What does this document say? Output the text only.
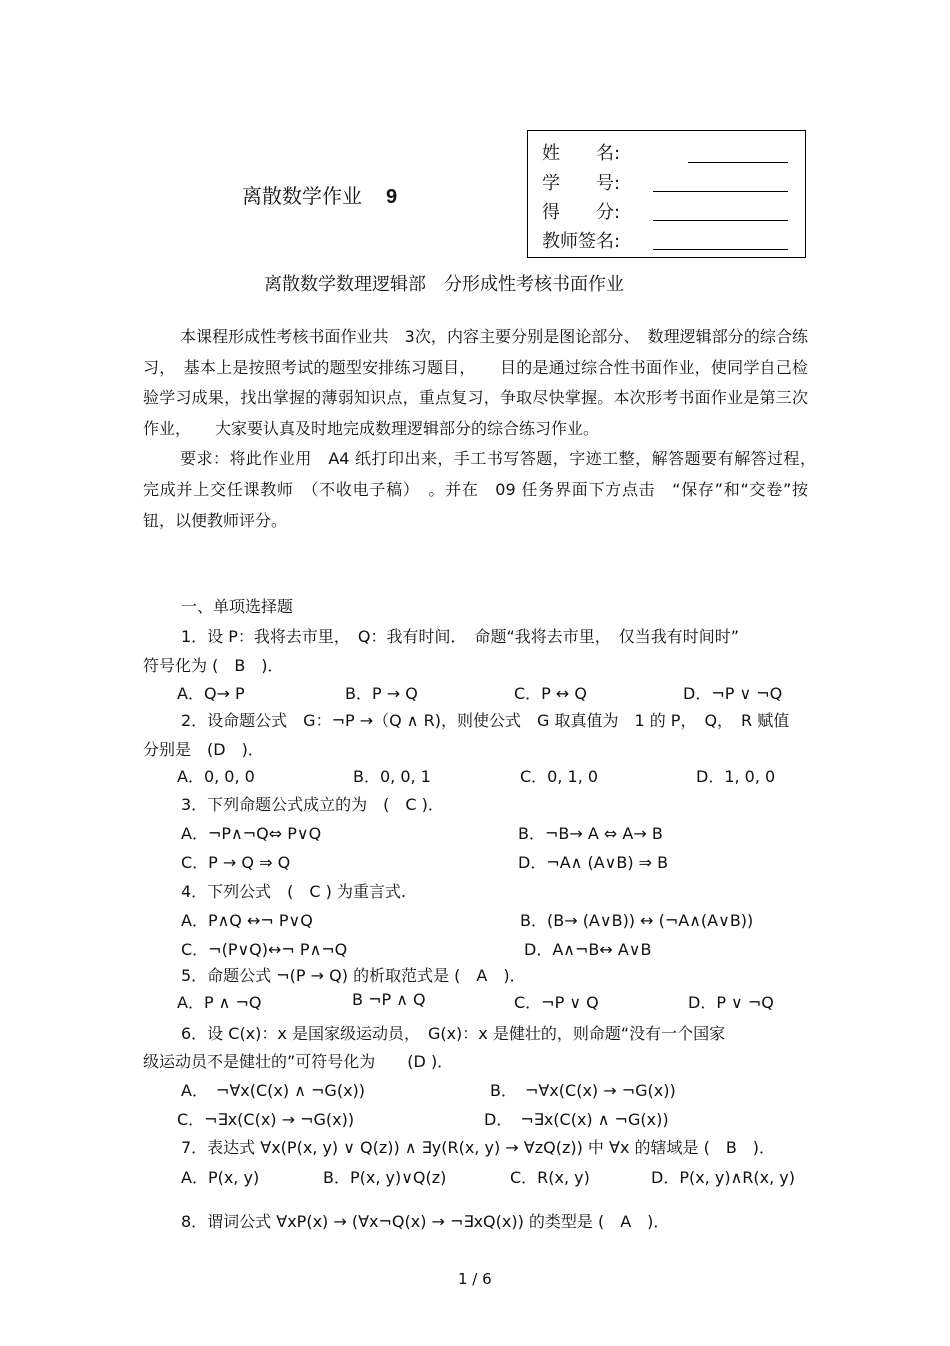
离散数学作业 9
姓　　名:
学　　号:
得　　分:
教师签名:
离散数学数理逻辑部　分形成性考核书面作业

本课程形成性考核书面作业共　3次，内容主要分别是图论部分、　数理逻辑部分的综合练习，　基本上是按照考试的题型安排练习题目，　　目的是通过综合性书面作业，使同学自己检验学习成果，找出掌握的薄弱知识点，重点复习，争取尽快掌握。本次形考书面作业是第三次作业，　　大家要认真及时地完成数理逻辑部分的综合练习作业。

要求：将此作业用　A4 纸打印出来，手工书写答题，字迹工整，解答题要有解答过程，　完成并上交任课教师　（不收电子稿）　。并在　09 任务界面下方点击　“保存”和“交卷”按钮，以便教师评分。

一、单项选择题
1．设 P：我将去市里，　Q：我有时间．　命题“我将去市里，　仅当我有时间时”
符号化为 (　B　)．
A．Q→ P	B．P → Q	C．P ↔ Q	D．¬P ∨ ¬Q
2．设命题公式　G：¬P →（Q ∧ R)，则使公式　G 取真值为　1 的 P，　Q，　R 赋值
分别是　(D　)．
A．0, 0, 0	B．0, 0, 1	C．0, 1, 0	D．1, 0, 0
3．下列命题公式成立的为　(　C )．
A．¬P∧¬Q⇔ P∨Q	B．¬B→ A ⇔ A→ B
C．P → Q ⇒ Q	D．¬A∧ (A∨B) ⇒ B
4．下列公式　(　C ) 为重言式.
A．P∧Q ↔¬ P∨Q	B．(B→ (A∨B)) ↔ (¬A∧(A∨B))
C．¬(P∨Q)↔¬ P∧¬Q	D．A∧¬B↔ A∨B
5．命题公式 ¬(P → Q) 的析取范式是 (　A　)．
A．P ∧ ¬Q	B ¬P ∧ Q	C．¬P ∨ Q	D．P ∨ ¬Q
6．设 C(x)：x 是国家级运动员，　G(x)：x 是健壮的，则命题“没有一个国家
级运动员不是健壮的”可符号化为　　(D )．
A．　¬∀x(C(x) ∧ ¬G(x))	B．　¬∀x(C(x) → ¬G(x))
C．¬∃x(C(x) → ¬G(x))	D．　¬∃x(C(x) ∧ ¬G(x))
7．表达式 ∀x(P(x, y) ∨ Q(z)) ∧ ∃y(R(x, y) → ∀zQ(z)) 中 ∀x 的辖域是 (　B　)．
A．P(x, y)	B．P(x, y)∨Q(z)	C．R(x, y)	D．P(x, y)∧R(x, y)
8．谓词公式 ∀xP(x) → (∀x¬Q(x) → ¬∃xQ(x)) 的类型是 (　A　)．
1 / 6
